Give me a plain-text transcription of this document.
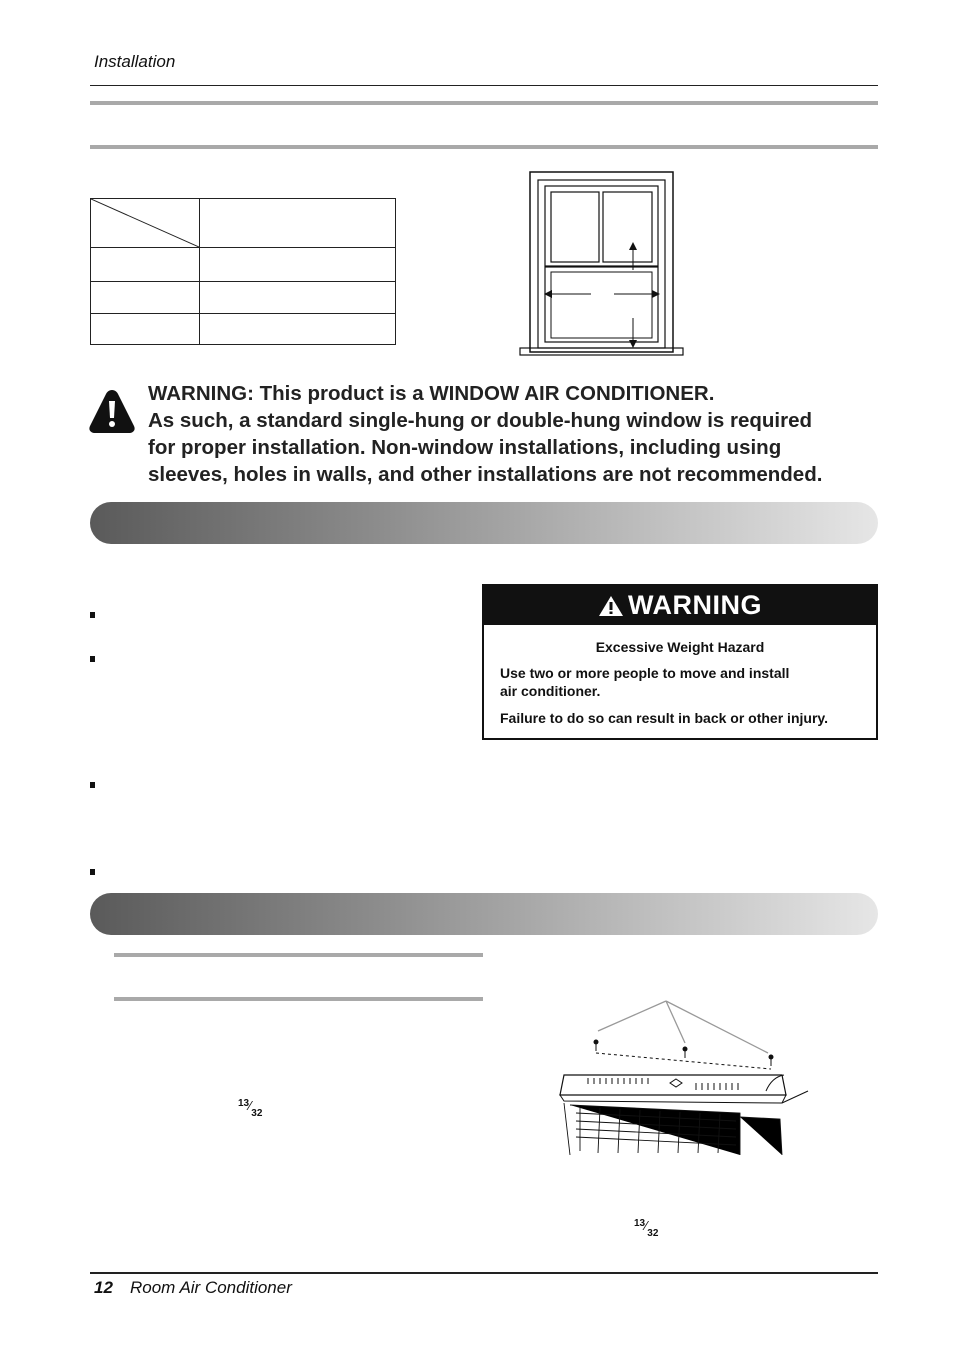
Installation

WARNING: This product is a WINDOW AIR CONDITIONER.
As such, a standard single-hung or double-hung window is required
for proper installation. Non-window installations, including using
sleeves, holes in walls, and other installations are not recommended.
WARNING
Excessive Weight Hazard
Use two or more people to move and install
air conditioner.
Failure to do so can result in back or other injury.
13⁄32
13⁄32
12 Room Air Conditioner
